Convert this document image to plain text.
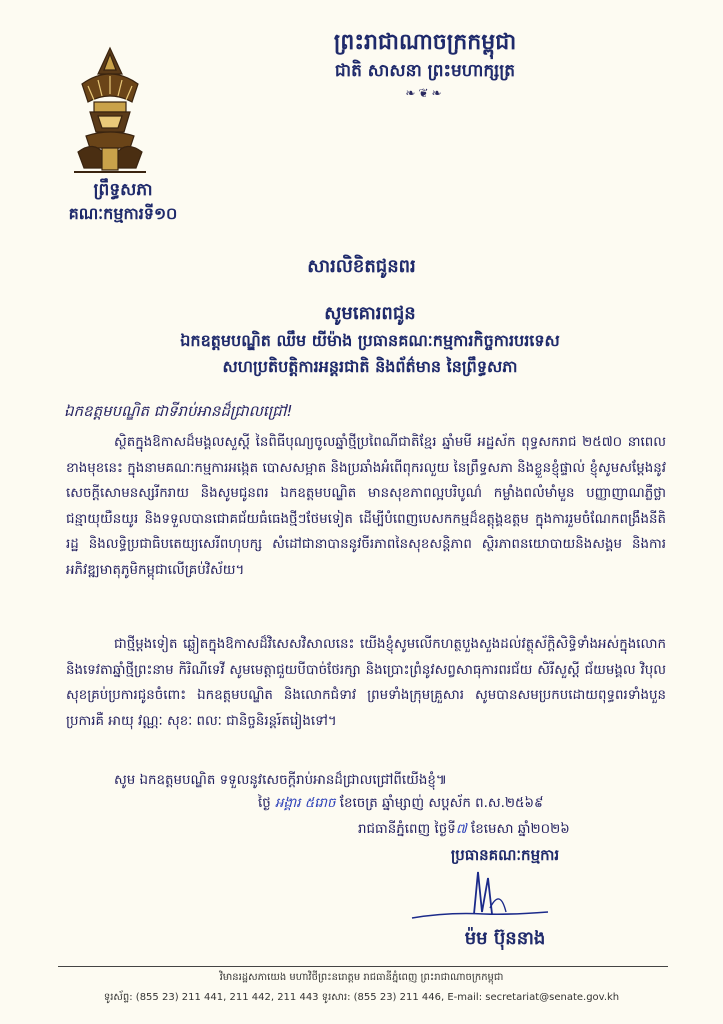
ព្រះរាជាណាចក្រកម្ពុជា
ជាតិ សាសនា ព្រះមហាក្សត្រ
❧❦❧
ព្រឹទ្ធសភា
គណៈកម្មការទី១០
សារលិខិតជូនពរ
សូមគោរពជូន
ឯកឧត្តមបណ្ឌិត ឈឹម យីម៉ាង ប្រធានគណៈកម្មការកិច្ចការបរទេស
សហប្រតិបត្តិការអន្តរជាតិ និងព័ត៌មាន នៃព្រឹទ្ធសភា
ឯកឧត្តមបណ្ឌិត ជាទីរាប់អានដ៏ជ្រាលជ្រៅ!
ស្ថិតក្នុងឱកាសដ៏មង្គលសួស្តី នៃពិធីបុណ្យចូលឆ្នាំថ្មីប្រពៃណីជាតិខ្មែរ ឆ្នាំមមី អដ្ឋស័ក ពុទ្ធសករាជ ២៥៧០ នាពេលខាងមុខនេះ ក្នុងនាមគណៈកម្មការអង្កេត បោសសម្អាត និងប្រឆាំងអំពើពុករលួយ នៃព្រឹទ្ធសភា និងខ្លួនខ្ញុំផ្ទាល់ ខ្ញុំសូមសម្តែងនូវសេចក្តីសោមនស្សរីករាយ និងសូមជូនពរ ឯកឧត្តមបណ្ឌិត មានសុខភាពល្អបរិបូណ៌ កម្លាំងពលំមាំមួន បញ្ញាញាណភ្លឺថ្លា ជន្មាយុយឺនយូរ និងទទួលបានជោគជ័យធំធេងថ្មីៗថែមទៀត ដើម្បីបំពេញបេសកកម្មដ៏ឧត្តុង្គឧត្តម ក្នុងការរួមចំណែកពង្រឹងនីតិរដ្ឋ និងលទ្ធិប្រជាធិបតេយ្យសេរីពហុបក្ស សំដៅជានាបាននូវចីរភាពនៃសុខសន្តិភាព ស្ថិរភាពនយោបាយនិងសង្គម និងការអភិវឌ្ឍមាតុភូមិកម្ពុជាលើគ្រប់វិស័យ។
ជាថ្មីម្តងទៀត ឆ្លៀតក្នុងឱកាសដ៏វិសេសវិសាលនេះ យើងខ្ញុំសូមលើកហត្ថបួងសួងដល់វត្ថុស័ក្តិសិទ្ធិទាំងអស់ក្នុងលោក និងទេវតាឆ្នាំថ្មីព្រះនាម កិរិណីទេវី សូមមេត្តាជួយបីបាច់ថែរក្សា និងប្រោះព្រំនូវសព្វសាធុការពរជ័យ សិរីសួស្តី ជ័យមង្គល វិបុលសុខគ្រប់ប្រការជូនចំពោះ ឯកឧត្តមបណ្ឌិត និងលោកជំទាវ ព្រមទាំងក្រុមគ្រួសារ សូមបានសមប្រកបដោយពុទ្ធពរទាំងបួនប្រការគឺ អាយុ វណ្ណៈ សុខៈ ពលៈ ជានិច្ចនិរន្តរ៍តរៀងទៅ។
សូម ឯកឧត្តមបណ្ឌិត ទទួលនូវសេចក្តីរាប់អានដ៏ជ្រាលជ្រៅពីយើងខ្ញុំ៕
ថ្ងៃ អង្គារ ៥រោច ខែចេត្រ ឆ្នាំម្សាញ់ សប្តស័ក ព.ស.២៥៦៩
រាជធានីភ្នំពេញ ថ្ងៃទី៧ ខែមេសា ឆ្នាំ២០២៦
ប្រធានគណៈកម្មការ
ម៉ម ប៊ុននាង
វិមានរដ្ឋសភាយេង មហាវិថីព្រះនរោត្តម រាជធានីភ្នំពេញ ព្រះរាជាណាចក្រកម្ពុជា
ទូរស័ព្ទ: (855 23) 211 441, 211 442, 211 443 ទូរសារ: (855 23) 211 446, E-mail: secretariat@senate.gov.kh
